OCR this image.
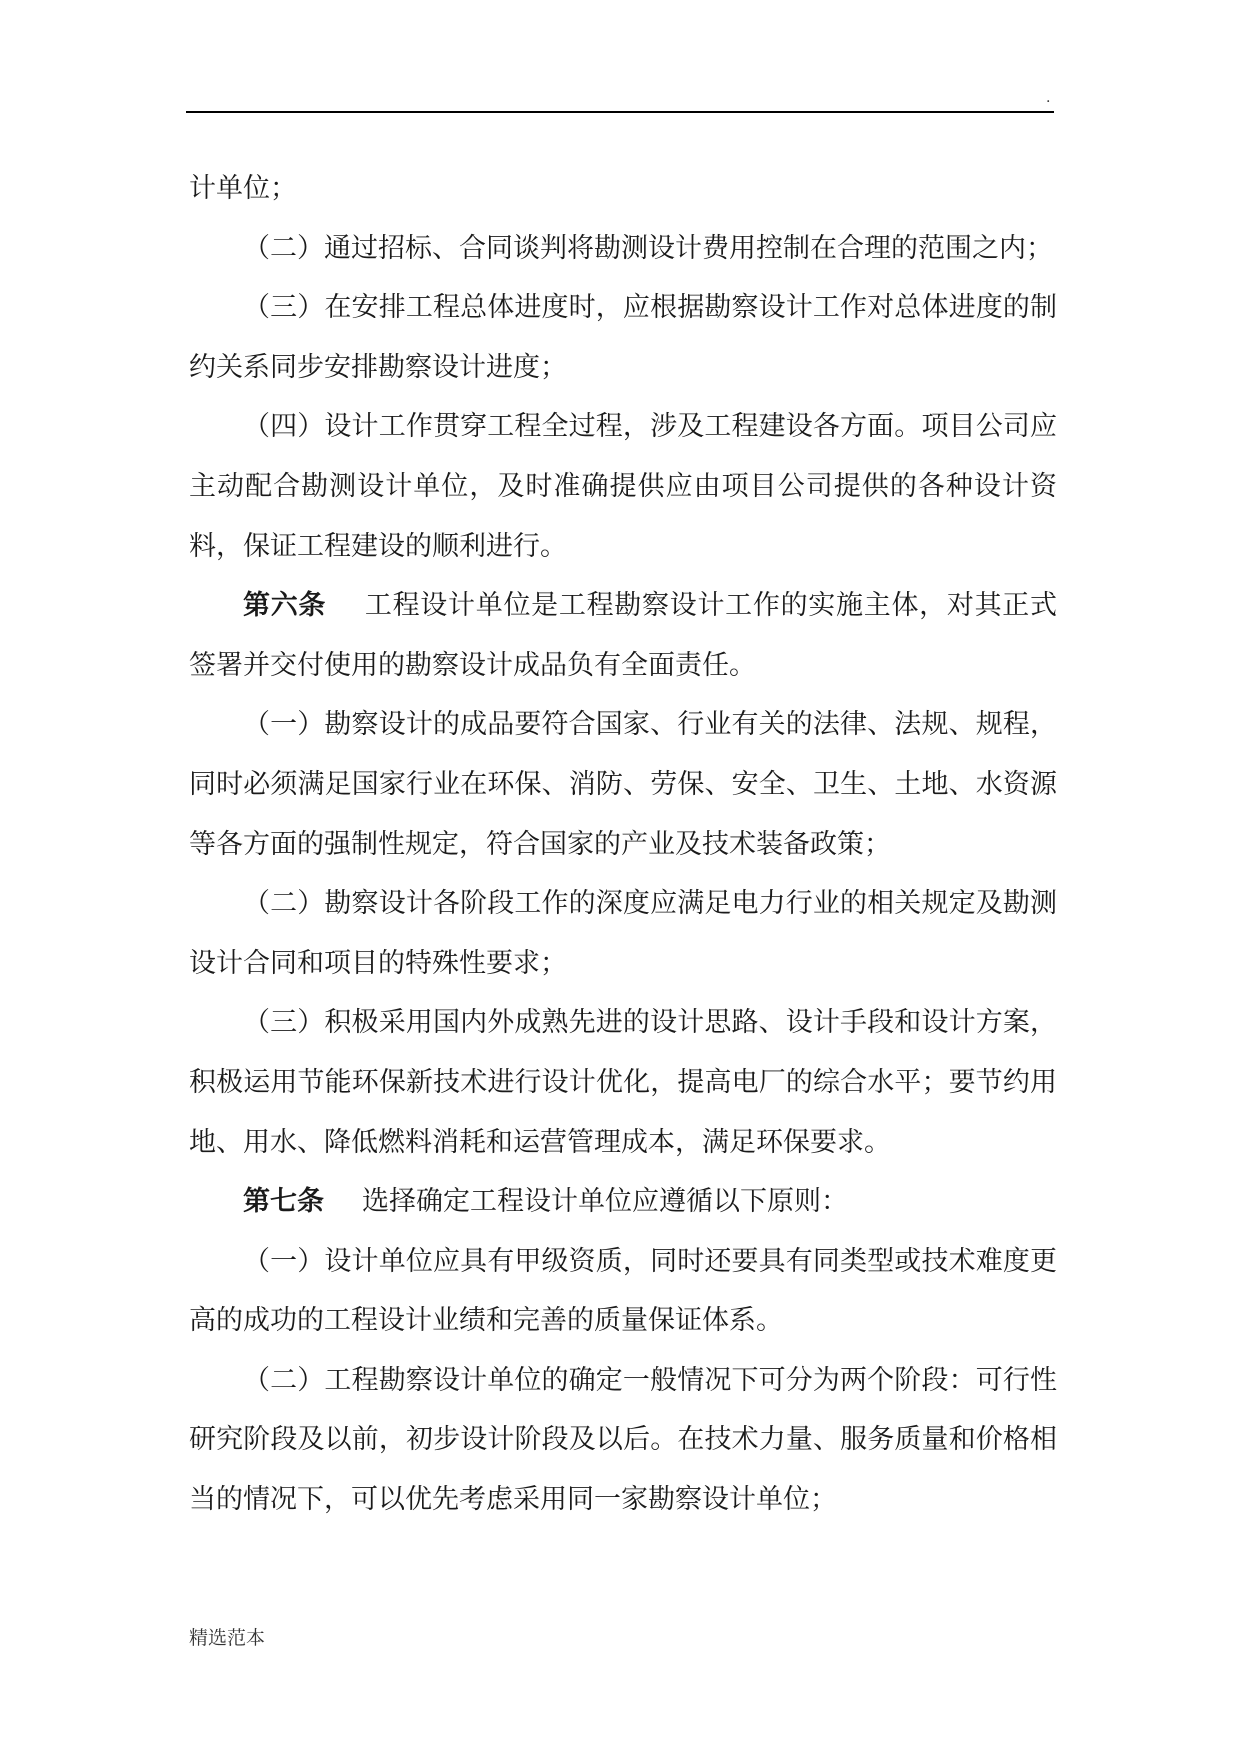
.

计单位；

（二）通过招标、合同谈判将勘测设计费用控制在合理的范围之内；

（三）在安排工程总体进度时，应根据勘察设计工作对总体进度的制约关系同步安排勘察设计进度；

（四）设计工作贯穿工程全过程，涉及工程建设各方面。项目公司应主动配合勘测设计单位，及时准确提供应由项目公司提供的各种设计资料，保证工程建设的顺利进行。

第六条 工程设计单位是工程勘察设计工作的实施主体，对其正式签署并交付使用的勘察设计成品负有全面责任。

（一）勘察设计的成品要符合国家、行业有关的法律、法规、规程，同时必须满足国家行业在环保、消防、劳保、安全、卫生、土地、水资源等各方面的强制性规定，符合国家的产业及技术装备政策；

（二）勘察设计各阶段工作的深度应满足电力行业的相关规定及勘测设计合同和项目的特殊性要求；

（三）积极采用国内外成熟先进的设计思路、设计手段和设计方案，积极运用节能环保新技术进行设计优化，提高电厂的综合水平；要节约用地、用水、降低燃料消耗和运营管理成本，满足环保要求。

第七条 选择确定工程设计单位应遵循以下原则：

（一）设计单位应具有甲级资质，同时还要具有同类型或技术难度更高的成功的工程设计业绩和完善的质量保证体系。

（二）工程勘察设计单位的确定一般情况下可分为两个阶段：可行性研究阶段及以前，初步设计阶段及以后。在技术力量、服务质量和价格相当的情况下，可以优先考虑采用同一家勘察设计单位；

精选范本
